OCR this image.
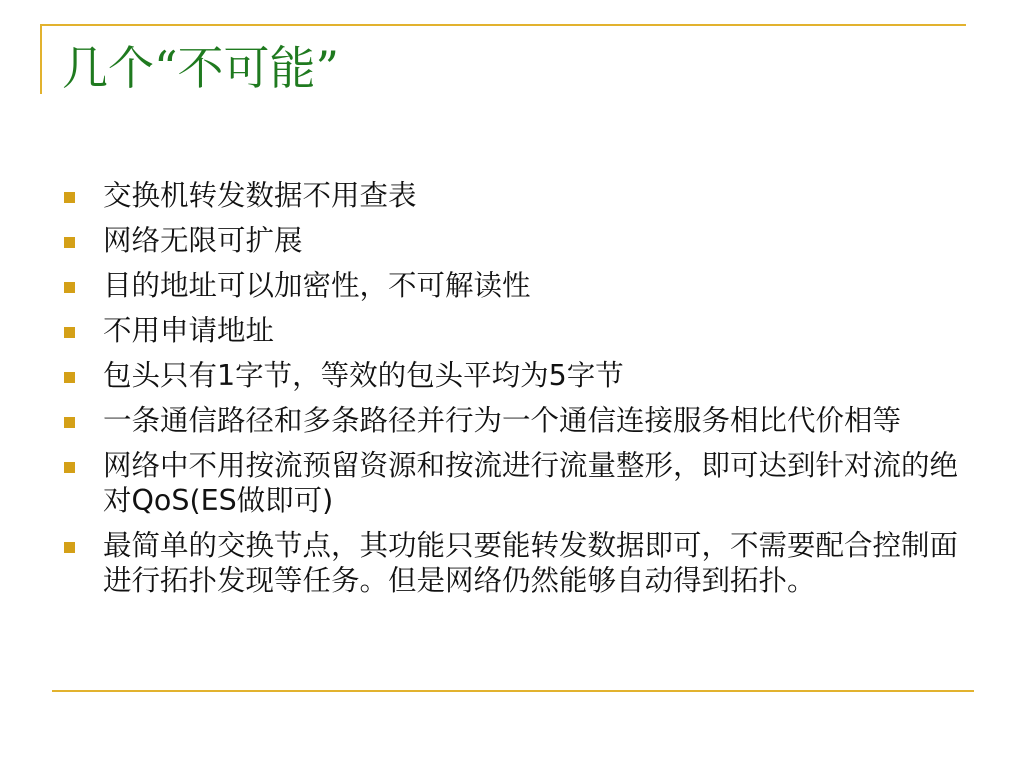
几个“不可能”
交换机转发数据不用查表
网络无限可扩展
目的地址可以加密性，不可解读性
不用申请地址
包头只有1字节，等效的包头平均为5字节
一条通信路径和多条路径并行为一个通信连接服务相比代价相等
网络中不用按流预留资源和按流进行流量整形，即可达到针对流的绝对QoS(ES做即可)
最简单的交换节点，其功能只要能转发数据即可，不需要配合控制面进行拓扑发现等任务。但是网络仍然能够自动得到拓扑。
